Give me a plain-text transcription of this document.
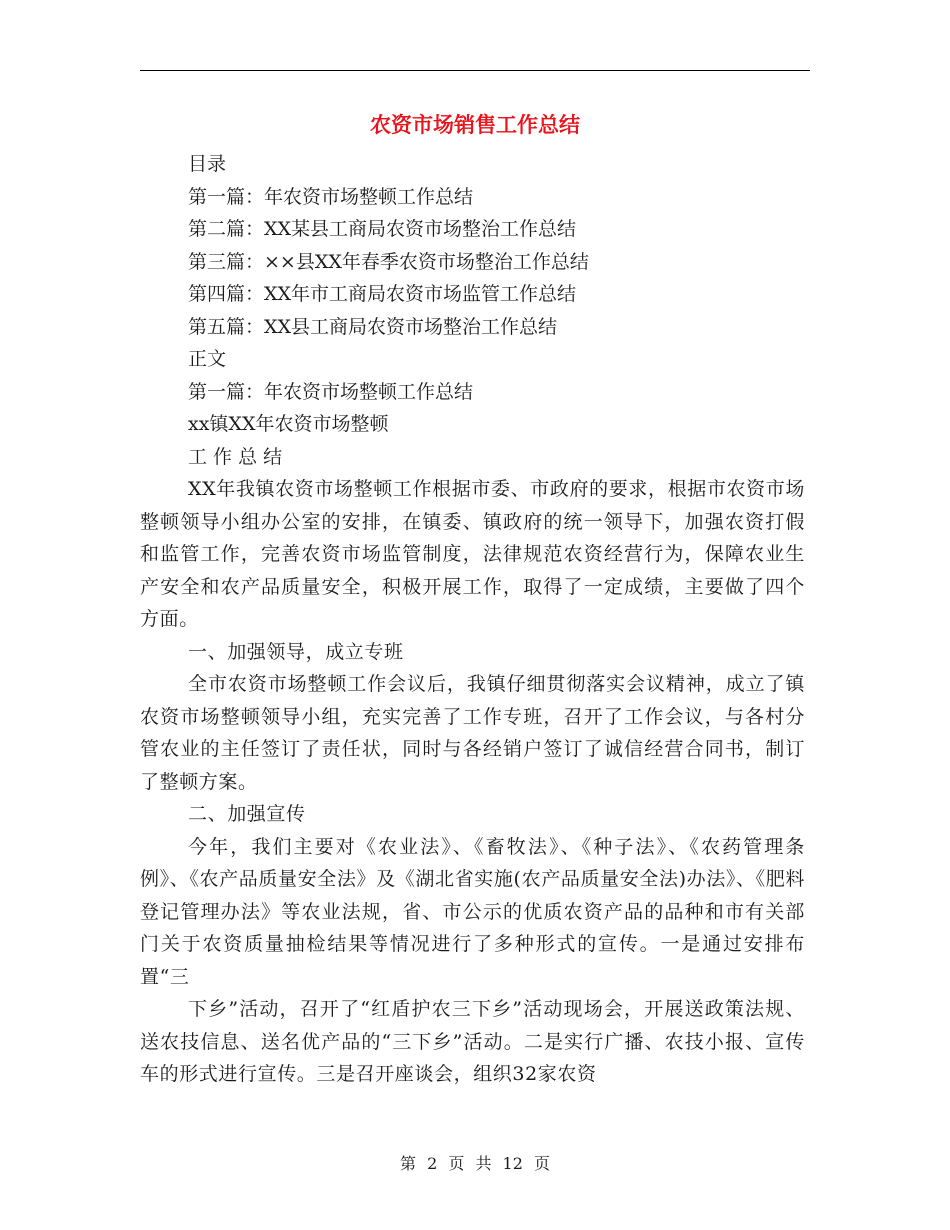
农资市场销售工作总结

目录

第一篇：年农资市场整顿工作总结

第二篇：XX某县工商局农资市场整治工作总结

第三篇：××县XX年春季农资市场整治工作总结

第四篇：XX年市工商局农资市场监管工作总结

第五篇：XX县工商局农资市场整治工作总结

正文

第一篇：年农资市场整顿工作总结

xx镇XX年农资市场整顿

工 作 总 结

XX年我镇农资市场整顿工作根据市委、市政府的要求，根据市农资市场整顿领导小组办公室的安排，在镇委、镇政府的统一领导下，加强农资打假和监管工作，完善农资市场监管制度，法律规范农资经营行为，保障农业生产安全和农产品质量安全，积极开展工作，取得了一定成绩，主要做了四个方面。

一、加强领导，成立专班

全市农资市场整顿工作会议后，我镇仔细贯彻落实会议精神，成立了镇农资市场整顿领导小组，充实完善了工作专班，召开了工作会议，与各村分管农业的主任签订了责任状，同时与各经销户签订了诚信经营合同书，制订了整顿方案。

二、加强宣传

今年，我们主要对《农业法》、《畜牧法》、《种子法》、《农药管理条例》、《农产品质量安全法》及《湖北省实施(农产品质量安全法)办法》、《肥料登记管理办法》等农业法规，省、市公示的优质农资产品的品种和市有关部门关于农资质量抽检结果等情况进行了多种形式的宣传。一是通过安排布置“三

下乡”活动，召开了“红盾护农三下乡”活动现场会，开展送政策法规、送农技信息、送名优产品的“三下乡”活动。二是实行广播、农技小报、宣传车的形式进行宣传。三是召开座谈会，组织32家农资

第 2 页 共 12 页
